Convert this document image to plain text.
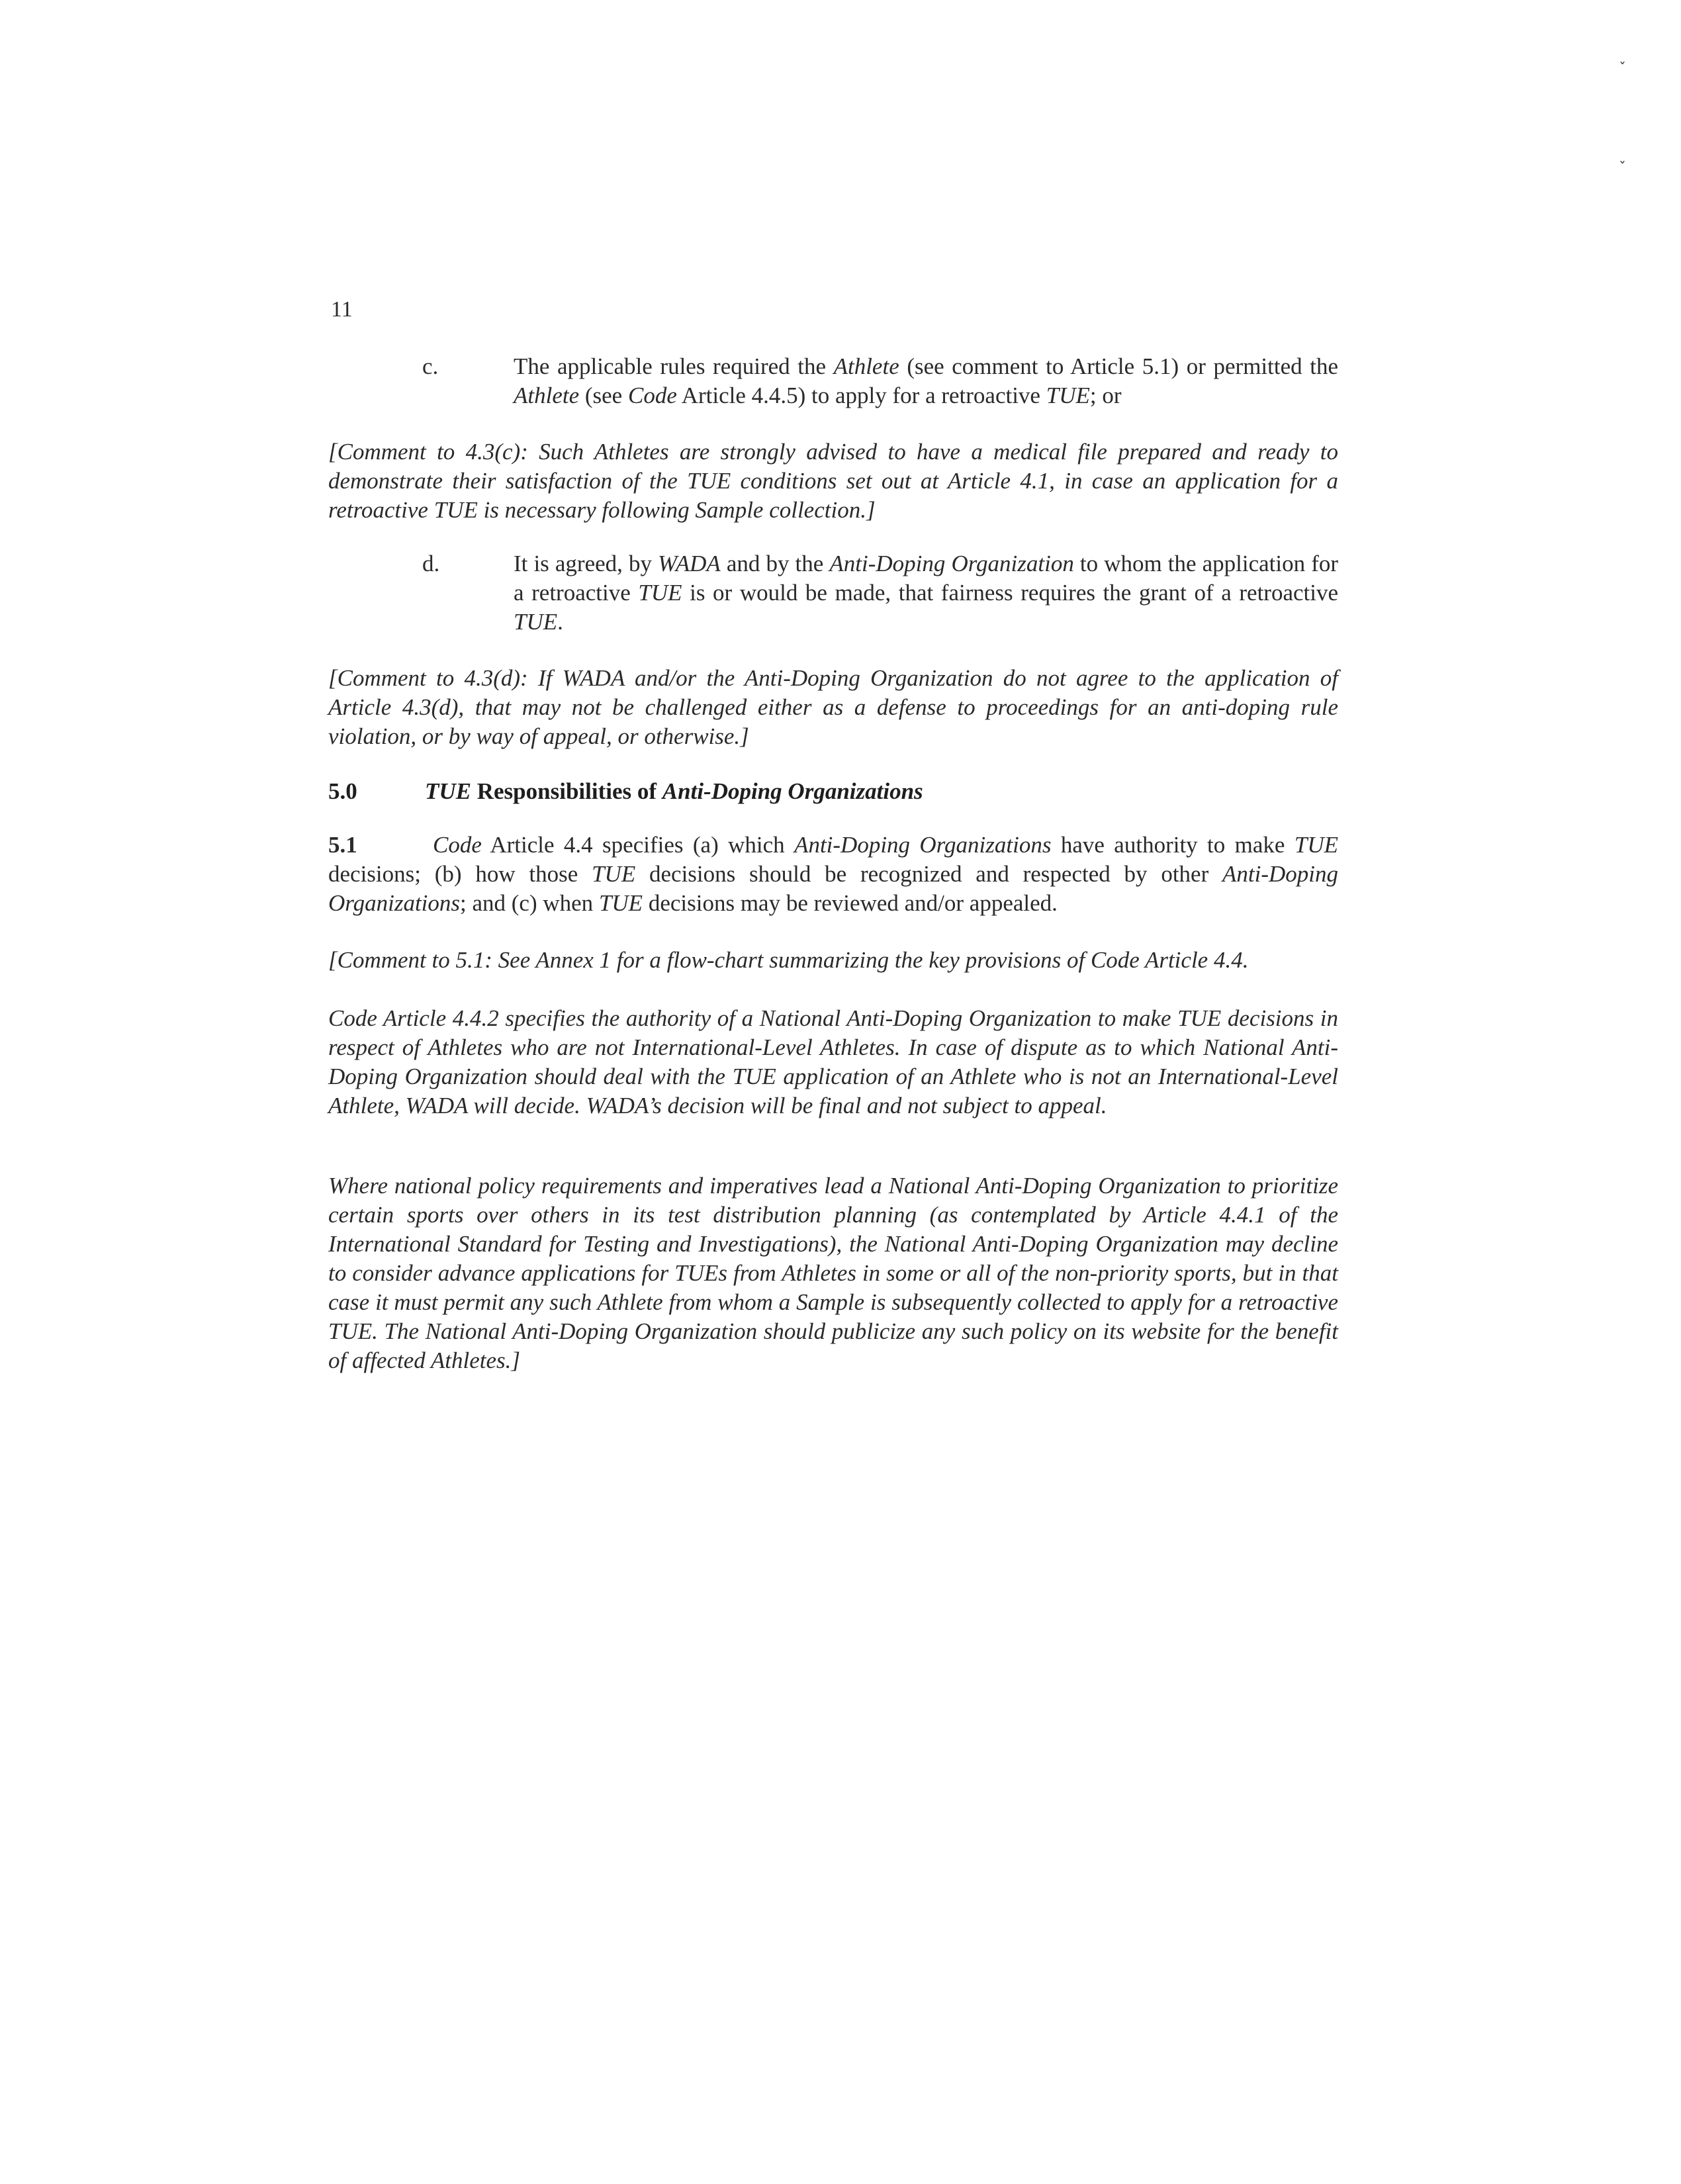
ˇ
ˇ
11
c.	The applicable rules required the Athlete (see comment to Article 5.1) or permitted the Athlete (see Code Article 4.4.5) to apply for a retroactive TUE; or

[Comment to 4.3(c): Such Athletes are strongly advised to have a medical file prepared and ready to demonstrate their satisfaction of the TUE conditions set out at Article 4.1, in case an application for a retroactive TUE is necessary following Sample collection.]

d.	It is agreed, by WADA and by the Anti-Doping Organization to whom the application for a retroactive TUE is or would be made, that fairness requires the grant of a retroactive TUE.

[Comment to 4.3(d): If WADA and/or the Anti-Doping Organization do not agree to the application of Article 4.3(d), that may not be challenged either as a defense to proceedings for an anti-doping rule violation, or by way of appeal, or otherwise.]

5.0	TUE Responsibilities of Anti-Doping Organizations
5.1	Code Article 4.4 specifies (a) which Anti-Doping Organizations have authority to make TUE decisions; (b) how those TUE decisions should be recognized and respected by other Anti-Doping Organizations; and (c) when TUE decisions may be reviewed and/or appealed.

[Comment to 5.1: See Annex 1 for a flow-chart summarizing the key provisions of Code Article 4.4.

Code Article 4.4.2 specifies the authority of a National Anti-Doping Organization to make TUE decisions in respect of Athletes who are not International-Level Athletes. In case of dispute as to which National Anti-Doping Organization should deal with the TUE application of an Athlete who is not an International-Level Athlete, WADA will decide. WADA’s decision will be final and not subject to appeal.

Where national policy requirements and imperatives lead a National Anti-Doping Organization to prioritize certain sports over others in its test distribution planning (as contemplated by Article 4.4.1 of the International Standard for Testing and Investigations), the National Anti-Doping Organization may decline to consider advance applications for TUEs from Athletes in some or all of the non-priority sports, but in that case it must permit any such Athlete from whom a Sample is subsequently collected to apply for a retroactive TUE. The National Anti-Doping Organization should publicize any such policy on its website for the benefit of affected Athletes.]
